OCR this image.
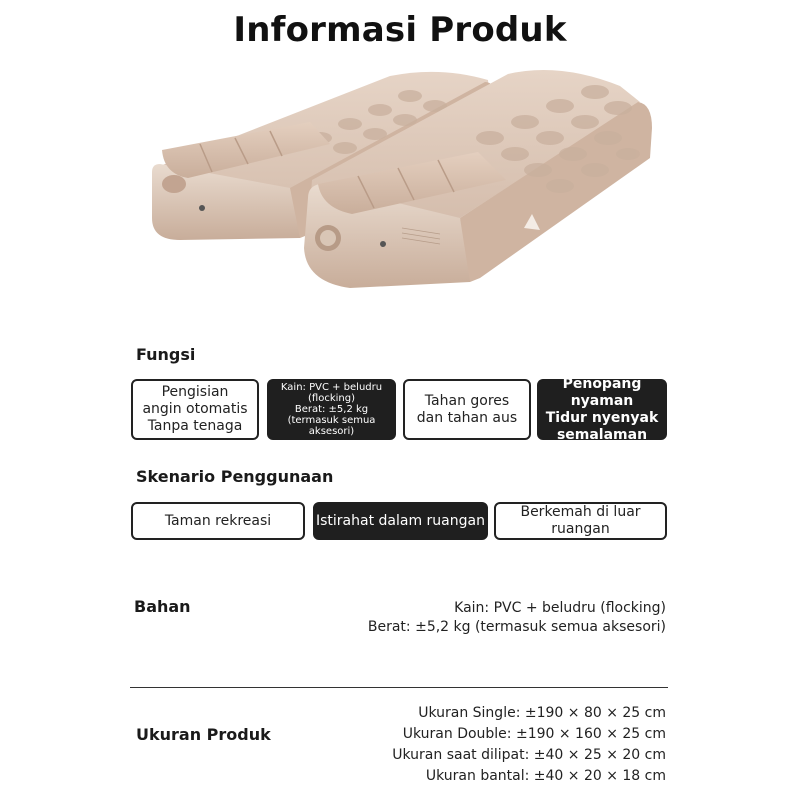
Informasi Produk
Fungsi
Pengisian
angin otomatis
Tanpa tenaga
Kain: PVC + beludru
(flocking)
Berat: ±5,2 kg
(termasuk semua
aksesori)
Tahan gores
dan tahan aus
Penopang nyaman
Tidur nyenyak
semalaman
Skenario Penggunaan
Taman rekreasi	Istirahat dalam ruangan
Berkemah di luar
ruangan
Bahan	Kain: PVC + beludru (flocking)
Berat: ±5,2 kg (termasuk semua aksesori)
Ukuran Produk
Ukuran Single: ±190 × 80 × 25 cm
Ukuran Double: ±190 × 160 × 25 cm
Ukuran saat dilipat: ±40 × 25 × 20 cm
Ukuran bantal: ±40 × 20 × 18 cm
